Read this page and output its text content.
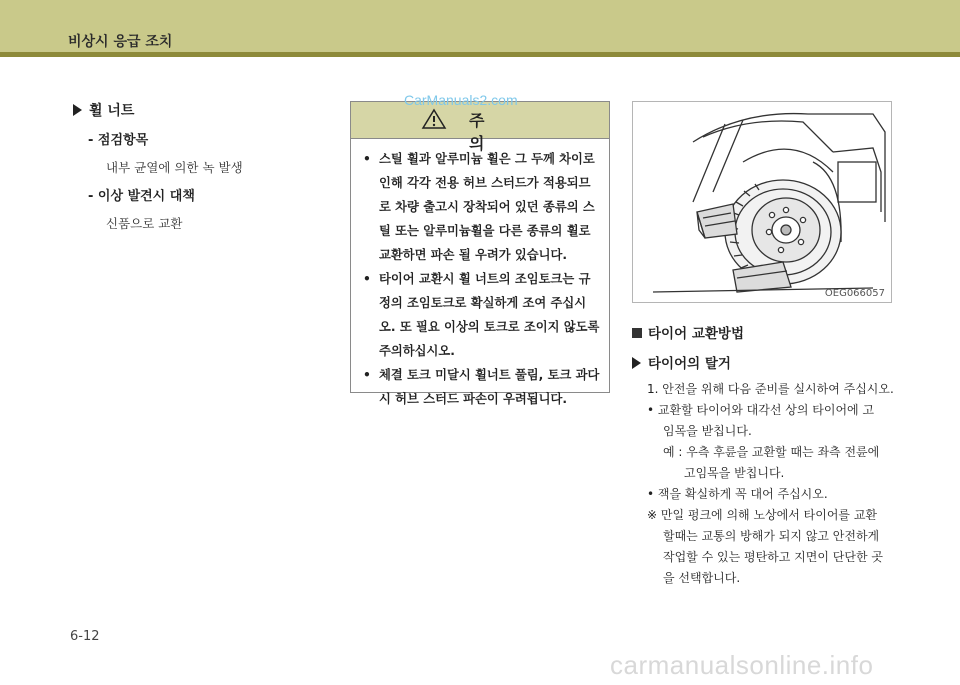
비상시 응급 조치
휠 너트
- 점검항목
내부 균열에 의한 녹 발생
- 이상 발견시 대책
신품으로 교환
주 의
• 스틸 휠과 알루미늄 휠은 그 두께 차이로 인해 각각 전용 허브 스터드가 적용되므로 차량 출고시 장착되어 있던 종류의 스틸 또는 알루미늄휠을 다른 종류의 휠로 교환하면 파손 될 우려가 있습니다.
• 타이어 교환시 휠 너트의 조임토크는 규정의 조임토크로 확실하게 조여 주십시오. 또 필요 이상의 토크로 조이지 않도록 주의하십시오.
• 체결 토크 미달시 휠너트 풀림, 토크 과다시 허브 스터드 파손이 우려됩니다.
CarManuals2.com
OEG066057
타이어 교환방법
타이어의 탈거
1. 안전을 위해 다음 준비를 실시하여 주십시오.
• 교환할 타이어와 대각선 상의 타이어에 고
임목을 받칩니다.
예 : 우측 후륜을 교환할 때는 좌측 전륜에
고임목을 받칩니다.
• 잭을 확실하게 꼭 대어 주십시오.
※ 만일 펑크에 의해 노상에서 타이어를 교환
할때는 교통의 방해가 되지 않고 안전하게
작업할 수 있는 평탄하고 지면이 단단한 곳
을 선택합니다.
6-12
carmanualsonline.info
